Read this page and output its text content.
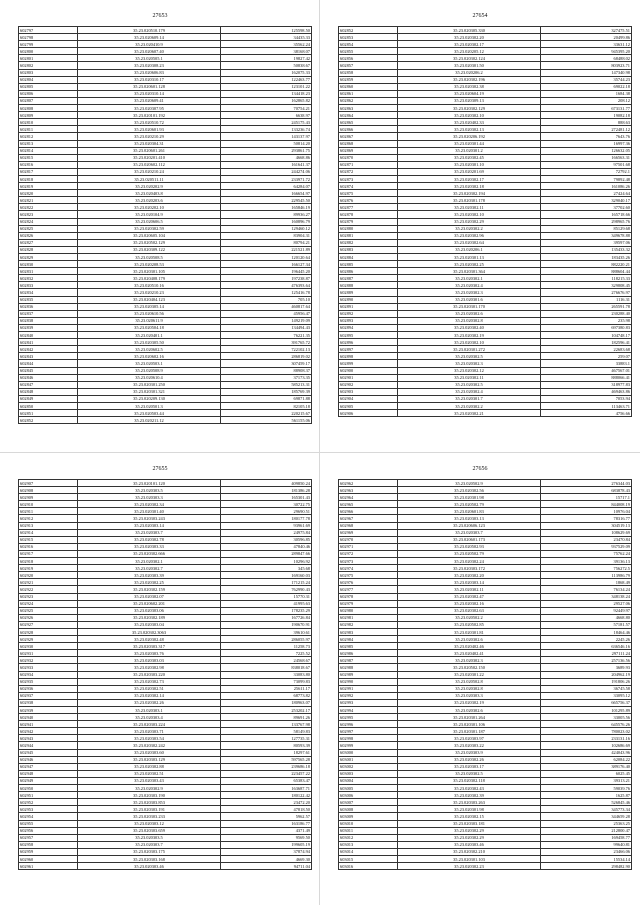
27653
602797	35.23.020510.179	125598.50
602798	35.23.020609.14	34435.33
602799	35.23.020410.9	35562.24
602800	35.23.020607.40	38168.07
602801	35.23.020505.1	19827.42
602802	35.23.020308.23	50838.67
602803	35.23.020606.83	162075.33
602804	35.23.020310.17	122463.77
602805	35.23.020601.128	123101.22
602806	35.23.020310.14	134418.23
602807	35.23.020609.41	162865.82
602808	35.23.020307.95	70754.21
602809	35.23.020101.192	6638.97
602810	35.23.020510.72	245175.43
602811	35.23.020601.93	133236.74
602812	35.23.020210.29	143137.97
602813	35.23.020304.31	50814.20
602814	35.23.020601.261	293861.75
602815	35.23.020201.410	4668.86
602816	35.23.020602.112	161641.37
602817	35.23.020210.24	244274.06
602818	35.23.020511.11	233971.72
602819	35.23.020202.9	64284.07
602820	35.23.020403.8	166654.97
602821	35.23.020203.6	229545.50
602822	35.23.020202.10	165846.19
602823	35.23.020104.9	89936.27
602824	35.23.020606.5	160896.79
602825	35.23.020302.59	129460.12
602826	35.23.020605.104	83904.31
602827	35.23.020502.129	80794.21
602828	35.23.020309.122	221521.89
602829	35.23.020508.5	120120.64
602830	35.23.020208.53	166127.34
602831	35.23.020301.105	196445.20
602832	35.23.020408.179	197238.87
602833	35.23.020510.16	476393.64
602834	35.23.020210.23	125416.78
602835	35.23.020404.123	705.10
602836	35.23.020305.14	460817.64
602837	35.23.020610.56	45956.47
602838	35.23.020611.9	149219.09
602839	35.23.020504.18	134494.43
602840	35.23.020401.1	76221.35
602841	35.23.020305.50	391765.72
602842	35.23.020602.5	722102.13
602843	35.23.020602.16	286819.02
602844	35.23.020503.1	307459.17
602845	35.23.020508.9	88908.37
602846	35.23.020610.4	37173.35
602847	35.23.020301.250	585213.31
602848	35.23.020301.321	185769.39
602849	35.23.020209.130	69871.88
602850	35.23.020501.3	82105.18
602851	35.23.020503.44	220215.67
602852	35.23.020211.12	561155.06
27654
602852	35.23.020305.330	327475.51
602853	35.23.020302.20	20499.86
602854	35.23.020302.17	33631.12
602855	35.23.020205.12	945395.20
602856	35.23.020302.124	68488.02
602857	35.23.020301.50	803923.71
602858	35.23.020206.2	147340.98
602859	35.23.020302.196	35744.23
602860	35.23.020302.38	69022.18
602861	35.23.020604.19	1684.38
602862	35.23.020309.13	208.12
602863	35.23.020302.129	673131.77
602864	35.23.020302.10	19082.18
602865	35.23.020402.33	888.63
602866	35.23.020302.13	272481.12
602867	35.23.020206.192	7643.76
602868	35.23.020301.44	16997.36
602869	35.23.020301.2	126632.05
602870	35.23.020302.45	166563.31
602871	35.23.020301.10	97501.68
602872	35.23.020201.69	72792.1
602873	35.23.020302.17	79892.48
602874	35.23.020302.18	161086.26
602875	35.23.020302.194	27424.64
602876	35.23.020301.178	329040.17
602877	35.23.020302.11	37702.60
602878	35.23.020302.10	165718.66
602879	35.23.020302.29	298965.76
602880	35.23.020302.2	85129.68
602881	35.23.020302.96	349678.88
602882	35.23.020302.64	39597.06
602883	35.23.020206.1	135433.32
602884	35.23.020301.13	183435.26
602885	35.23.020302.25	882220.21
602886	35.23.020301.364	888604.44
602887	35.23.020302.1	118215.33
602888	35.23.020302.4	329808.45
602889	35.23.020302.3	276676.97
602890	35.23.020301.6	1116.31
602891	35.23.020301.170	265591.78
602892	35.23.020302.6	230288.40
602893	35.23.020302.8	235.98
602894	35.23.020302.40	697380.83
602895	35.23.020302.19	104748.17
602896	35.23.020302.10	182596.41
602897	35.23.020301.272	22683.68
602898	35.23.020302.5	259.07
602899	35.23.020302.3	33883.1
602900	35.23.020302.12	467567.01
602901	35.23.020302.11	888066.41
602902	35.23.020302.5	318977.83
602903	35.23.020302.4	469463.86
602904	35.23.020301.7	7053.94
602905	35.23.020302.2	113463.71
602906	35.23.020302.21	4756.66
27655
602907	35.23.020101.120	409850.24
602908	35.23.020303.5	181386.28
602909	35.23.020303.3	165301.43
602910	35.23.020302.34	30722.75
602911	35.23.020301.40	29690.51
602912	35.23.020303.243	180177.78
602913	35.23.020303.14	93961.69
602914	35.23.020303.7	24975.84
602915	35.23.020302.78	30596.85
602916	35.23.020303.33	47840.46
602917	35.23.020302.666	289847.66
602918	35.23.020302.1	10296.92
602919	35.23.020302.7	345.68
602920	35.23.020303.39	169160.03
602921	35.23.020302.25	171215.24
602922	35.23.020302.159	762990.43
602923	35.23.020302.07	15770.31
602924	35.23.020602.201	41995.63
602925	35.23.020303.06	178235.29
602926	35.23.020302.189	167726.84
602927	35.23.020303.04	190670.91
602928	35.23.020302.3063	39610.61
602929	35.23.020302.48	286055.97
602930	35.23.020303.317	11258.73
602931	35.23.020303.76	7225.52
602932	35.23.020303.03	24568.67
602933	35.23.020302.98	838018.67
602934	35.23.020303.220	33083.80
602935	35.23.020302.73	73099.83
602936	35.23.020302.51	25611.17
602937	35.23.020302.14	68773.82
602938	35.23.020302.26	180963.07
602939	35.23.020303.1	253202.17
602940	35.23.020303.4	89691.26
602941	35.23.020303.224	133767.98
602942	35.23.020303.71	58149.83
602943	35.23.020303.54	127735.31
602944	35.23.020302.242	80593.39
602945	35.23.020303.60	18297.61
602946	35.23.020303.129	597565.28
602947	35.23.020302.88	239686.18
602948	35.23.020302.51	223457.22
602949	35.23.020303.43	65383.47
602950	35.23.020302.9	163687.71
602951	35.23.020303.190	180122.42
602952	35.23.020303.853	23472.20
602953	35.23.020303.191	47818.50
602954	35.23.020303.233	5962.57
602955	35.23.020303.12	163186.77
602956	35.23.020303.659	4371.49
602957	35.23.020303.5	9569.50
602958	35.23.020303.7	199605.19
602959	35.23.020303.175	37874.94
602960	35.23.020303.168	4669.30
602961	35.23.020303.46	94711.04
27656
602962	35.23.020502.9	276344.03
602963	35.23.020302.56	683878.43
602964	35.23.020301.98	15717.1
602965	35.23.020502.79	844008.19
602966	35.23.020601.83	10976.04
602967	35.23.020303.13	78316.77
602968	35.23.020606.123	304519.13
602969	35.23.020303.7	108629.69
602970	35.23.020601.173	23470.84
602971	35.23.020502.93	937529.09
602972	35.23.020502.79	75762.24
602973	35.23.020302.24	39136.13
602974	35.23.020303.172	756272.5
602975	35.23.020302.20	113986.79
602976	35.23.020303.14	1868.49
602977	35.23.020302.11	76134.24
602978	35.23.020302.47	348138.24
602979	35.23.020302.16	29527.06
602980	35.23.020302.63	92449.97
602981	35.23.020502.2	4668.80
602982	35.23.020502.85	57181.57
602983	35.23.020301.81	18464.46
602984	35.23.020302.6	2245.26
602985	35.23.020402.46	636546.16
602986	35.23.020402.41	297111.24
602987	35.23.020302.3	257136.56
602988	35.23.020502.150	3689.93
602989	35.23.020301.22	204962.19
602990	35.23.020502.8	191806.26
602991	35.23.020302.8	36745.58
602992	35.23.020303.3	33095.12
602993	35.23.020302.19	665756.37
602994	35.23.020302.6	101295.89
602995	35.23.020301.264	33005.56
602996	35.23.020301.106	645576.26
602997	35.23.020301.187	780023.02
602998	35.23.020303.97	233131.16
602999	35.23.020303.22	102686.69
603000	35.23.020303.9	424043.96
603001	35.23.020302.26	62084.22
603002	35.23.020303.17	389176.40
603003	35.23.020302.5	6025.45
603004	35.23.020302.118	39313.21
603005	35.23.020302.43	59039.76
603006	35.23.020302.39	1625.87
603007	35.23.020303.263	526845.46
603008	35.23.020301.98	345773.34
603009	35.23.020302.15	344659.28
603010	35.23.020303.181	25363.25
603011	35.23.020302.29	212800.47
603012	35.23.020302.29	169458.77
603013	35.23.020303.46	99640.81
603014	35.23.020302.210	23466.06
603015	35.23.020301.103	15534.14
603016	35.23.020302.23	298482.90
